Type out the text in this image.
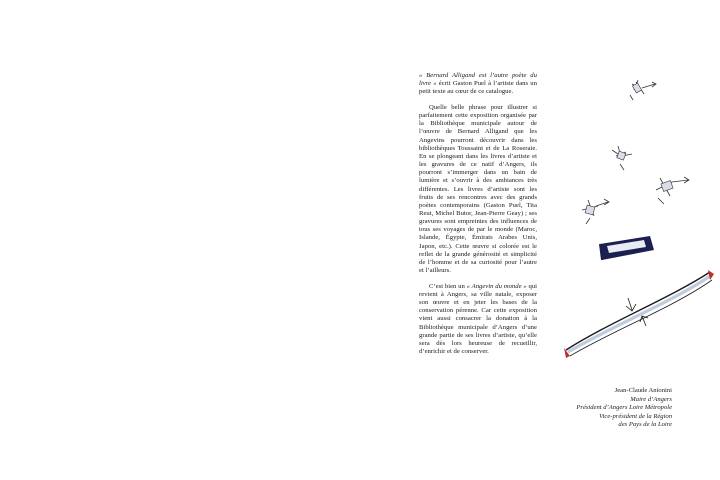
« Bernard Alligand est l’autre poète du livre » écrit Gaston Puel à l’artiste dans un petit texte au cœur de ce catalogue.

Quelle belle phrase pour illustrer si parfaitement cette exposition organisée par la Bibliothèque municipale autour de l’œuvre de Bernard Alligand que les Angevins pourront découvrir dans les bibliothèques Toussaint et de La Roseraie. En se plongeant dans les livres d’artiste et les gravures de ce natif d’Angers, ils pourront s’immerger dans un bain de lumière et s’ouvrir à des ambiances très différentes. Les livres d’artiste sont les fruits de ses rencontres avec des grands poètes contemporains (Gaston Puel, Tita Reut, Michel Butor, Jean-Pierre Geay) ; ses gravures sont empreintes des influences de tous ses voyages de par le monde (Maroc, Islande, Égypte, Émirats Arabes Unis, Japon, etc.). Cette œuvre si colorée est le reflet de la grande générosité et simplicité de l’homme et de sa curiosité pour l’autre et l’ailleurs.

C’est bien un « Angevin du monde » qui revient à Angers, sa ville natale, exposer son œuvre et en jeter les bases de la conservation pérenne. Car cette exposition vient aussi consacrer la donation à la Bibliothèque municipale d’Angers d’une grande partie de ses livres d’artiste, qu’elle sera dès lors heureuse de recueillir, d’enrichir et de conserver.

Jean-Claude Antonini
Maire d’Angers
Président d’Angers Loire Métropole
Vice-président de la Région
des Pays de la Loire
